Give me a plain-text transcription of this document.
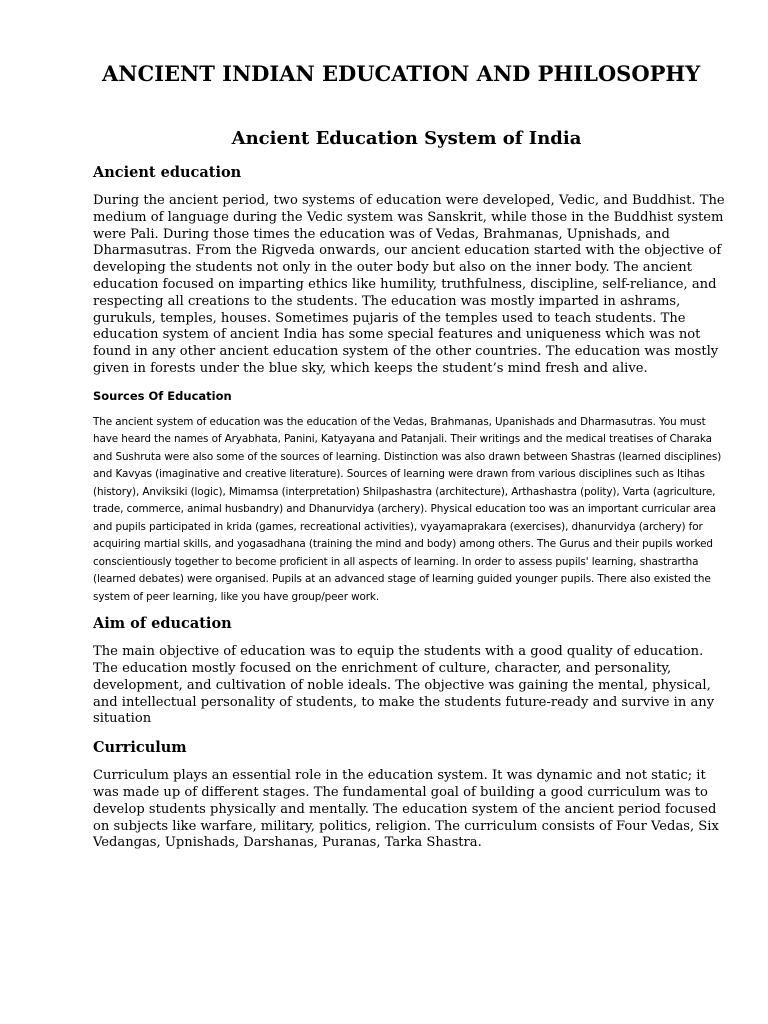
ANCIENT INDIAN EDUCATION AND PHILOSOPHY
Ancient Education System of India
Ancient education

During the ancient period, two systems of education were developed, Vedic, and Buddhist. The medium of language during the Vedic system was Sanskrit, while those in the Buddhist system were Pali. During those times the education was of Vedas, Brahmanas, Upnishads, and Dharmasutras. From the Rigveda onwards, our ancient education started with the objective of developing the students not only in the outer body but also on the inner body. The ancient education focused on imparting ethics like humility, truthfulness, discipline, self-reliance, and respecting all creations to the students. The education was mostly imparted in ashrams, gurukuls, temples, houses. Sometimes pujaris of the temples used to teach students. The education system of ancient India has some special features and uniqueness which was not found in any other ancient education system of the other countries. The education was mostly given in forests under the blue sky, which keeps the student’s mind fresh and alive.

Sources Of Education

The ancient system of education was the education of the Vedas, Brahmanas, Upanishads and Dharmasutras. You must have heard the names of Aryabhata, Panini, Katyayana and Patanjali. Their writings and the medical treatises of Charaka and Sushruta were also some of the sources of learning. Distinction was also drawn between Shastras (learned disciplines) and Kavyas (imaginative and creative literature). Sources of learning were drawn from various disciplines such as Itihas (history), Anviksiki (logic), Mimamsa (interpretation) Shilpashastra (architecture), Arthashastra (polity), Varta (agriculture, trade, commerce, animal husbandry) and Dhanurvidya (archery). Physical education too was an important curricular area and pupils participated in krida (games, recreational activities), vyayamaprakara (exercises), dhanurvidya (archery) for acquiring martial skills, and yogasadhana (training the mind and body) among others. The Gurus and their pupils worked conscientiously together to become proficient in all aspects of learning. In order to assess pupils' learning, shastrartha (learned debates) were organised. Pupils at an advanced stage of learning guided younger pupils. There also existed the system of peer learning, like you have group/peer work.

Aim of education

The main objective of education was to equip the students with a good quality of education. The education mostly focused on the enrichment of culture, character, and personality, development, and cultivation of noble ideals. The objective was gaining the mental, physical, and intellectual personality of students, to make the students future-ready and survive in any situation

Curriculum

Curriculum plays an essential role in the education system. It was dynamic and not static; it was made up of different stages. The fundamental goal of building a good curriculum was to develop students physically and mentally. The education system of the ancient period focused on subjects like warfare, military, politics, religion. The curriculum consists of Four Vedas, Six Vedangas, Upnishads, Darshanas, Puranas, Tarka Shastra.
